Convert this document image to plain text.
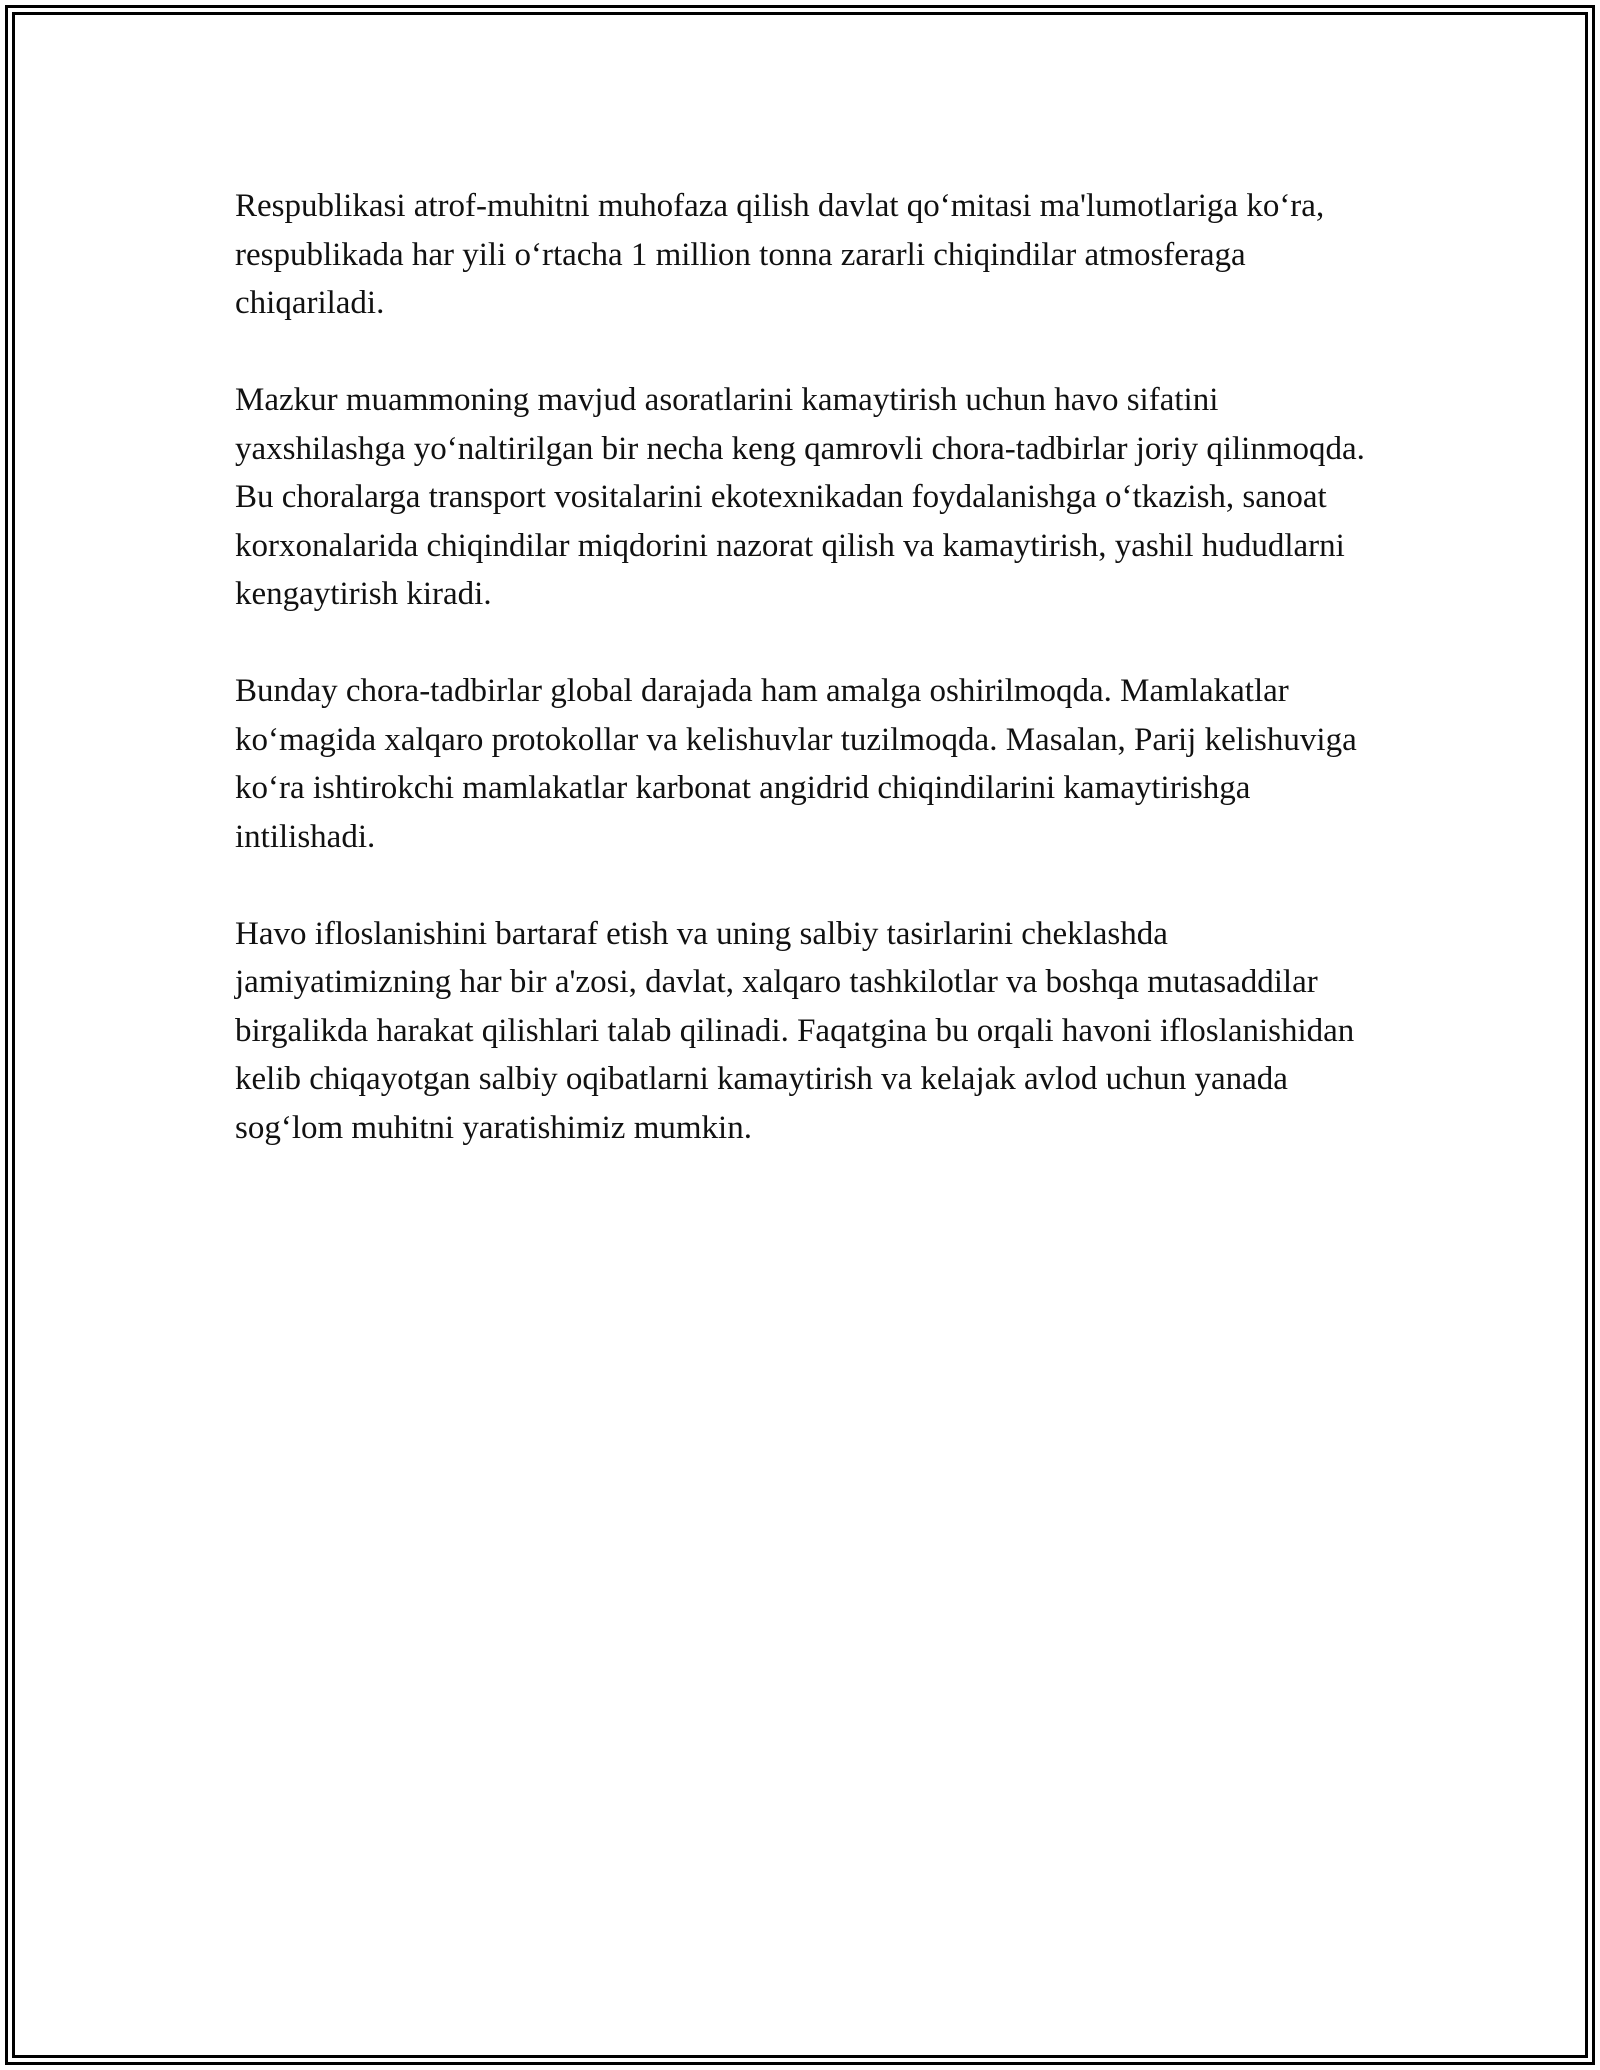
Respublikasi atrof-muhitni muhofaza qilish davlat qoʻmitasi ma'lumotlariga koʻra, respublikada har yili oʻrtacha 1 million tonna zararli chiqindilar atmosferaga chiqariladi.

Mazkur muammoning mavjud asoratlarini kamaytirish uchun havo sifatini yaxshilashga yoʻnaltirilgan bir necha keng qamrovli chora-tadbirlar joriy qilinmoqda. Bu choralarga transport vositalarini ekotexnikadan foydalanishga oʻtkazish, sanoat korxonalarida chiqindilar miqdorini nazorat qilish va kamaytirish, yashil hududlarni kengaytirish kiradi.

Bunday chora-tadbirlar global darajada ham amalga oshirilmoqda. Mamlakatlar koʻmagida xalqaro protokollar va kelishuvlar tuzilmoqda. Masalan, Parij kelishuviga koʻra ishtirokchi mamlakatlar karbonat angidrid chiqindilarini kamaytirishga intilishadi.

Havo ifloslanishini bartaraf etish va uning salbiy tasirlarini cheklashda jamiyatimizning har bir a'zosi, davlat, xalqaro tashkilotlar va boshqa mutasaddilar birgalikda harakat qilishlari talab qilinadi. Faqatgina bu orqali havoni ifloslanishidan kelib chiqayotgan salbiy oqibatlarni kamaytirish va kelajak avlod uchun yanada sogʻlom muhitni yaratishimiz mumkin.
